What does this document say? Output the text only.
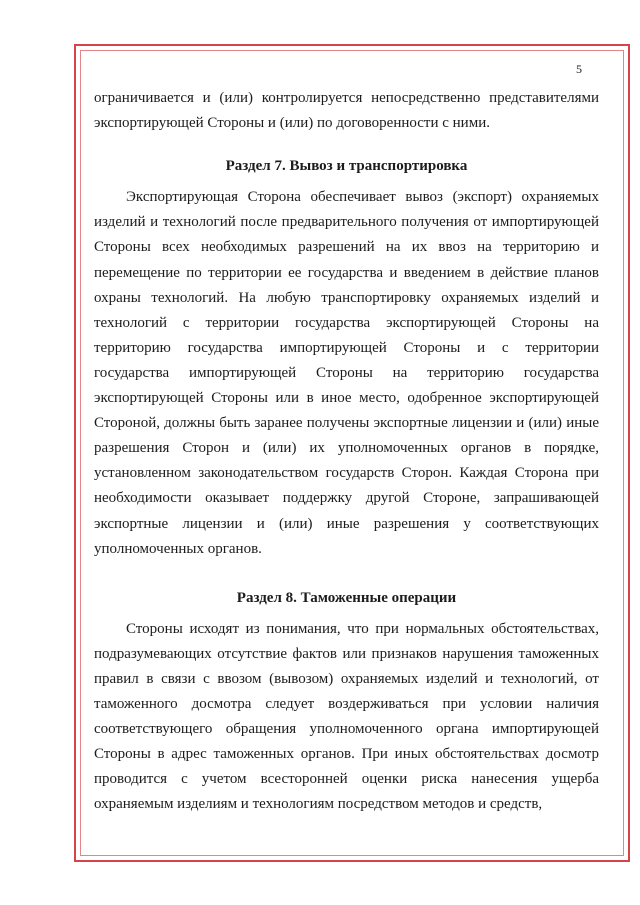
5

ограничивается и (или) контролируется непосредственно представителями экспортирующей Стороны и (или) по договоренности с ними.

Раздел 7. Вывоз и транспортировка

Экспортирующая Сторона обеспечивает вывоз (экспорт) охраняемых изделий и технологий после предварительного получения от импортирующей Стороны всех необходимых разрешений на их ввоз на территорию и перемещение по территории ее государства и введением в действие планов охраны технологий. На любую транспортировку охраняемых изделий и технологий с территории государства экспортирующей Стороны на территорию государства импортирующей Стороны и с территории государства импортирующей Стороны на территорию государства экспортирующей Стороны или в иное место, одобренное экспортирующей Стороной, должны быть заранее получены экспортные лицензии и (или) иные разрешения Сторон и (или) их уполномоченных органов в порядке, установленном законодательством государств Сторон. Каждая Сторона при необходимости оказывает поддержку другой Стороне, запрашивающей экспортные лицензии и (или) иные разрешения у соответствующих уполномоченных органов.

Раздел 8. Таможенные операции

Стороны исходят из понимания, что при нормальных обстоятельствах, подразумевающих отсутствие фактов или признаков нарушения таможенных правил в связи с ввозом (вывозом) охраняемых изделий и технологий, от таможенного досмотра следует воздерживаться при условии наличия соответствующего обращения уполномоченного органа импортирующей Стороны в адрес таможенных органов. При иных обстоятельствах досмотр проводится с учетом всесторонней оценки риска нанесения ущерба охраняемым изделиям и технологиям посредством методов и средств,
